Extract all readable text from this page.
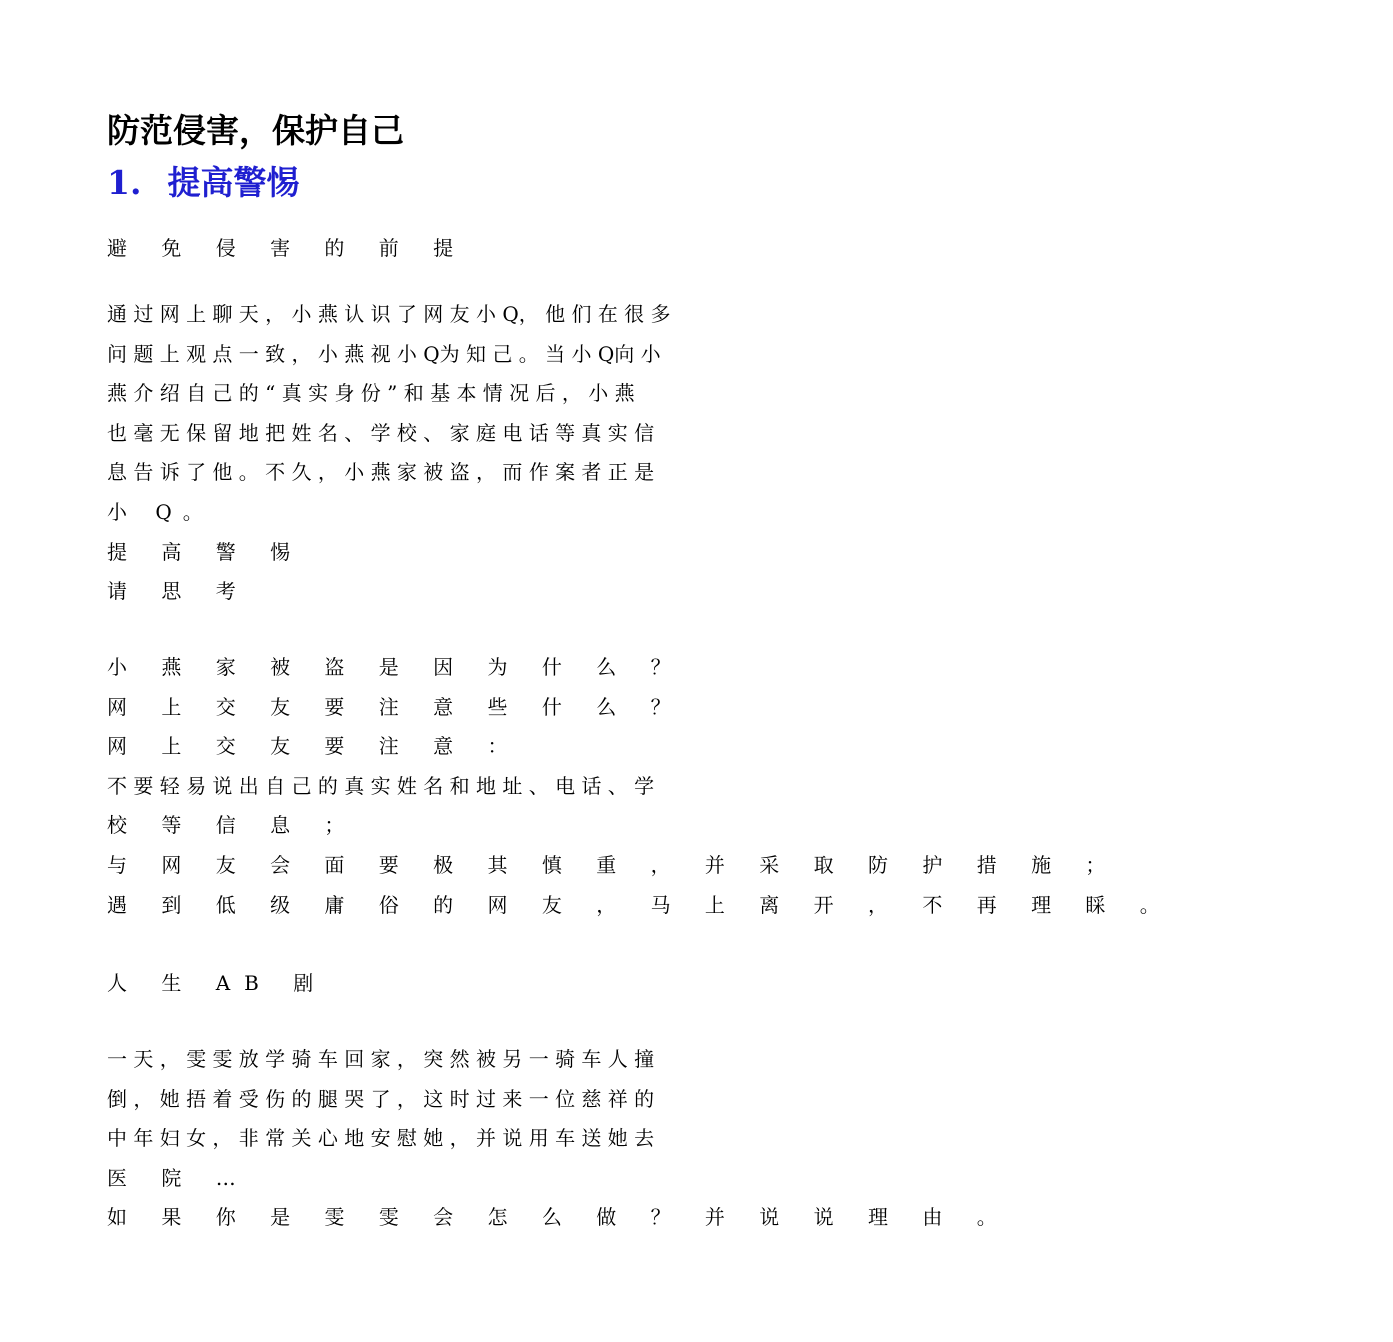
防范侵害，保护自己
1. 提高警惕

避 免 侵 害 的 前 提

通 过 网 上 聊 天 ， 小 燕 认 识 了 网 友 小 Q， 他 们 在 很 多
问 题 上 观 点 一 致 ， 小 燕 视 小 Q为 知 己 。 当 小 Q向 小
燕 介 绍 自 己 的 “ 真 实 身 份 ” 和 基 本 情 况 后 ， 小 燕
也 毫 无 保 留 地 把 姓 名 、 学 校 、 家 庭 电 话 等 真 实 信
息 告 诉 了 他 。 不 久 ， 小 燕 家 被 盗 ， 而 作 案 者 正 是
小 Q。
提 高 警 惕
请 思 考
小 燕 家 被 盗 是 因 为 什 么 ？
网 上 交 友 要 注 意 些 什 么 ？
网 上 交 友 要 注 意 ：
不 要 轻 易 说 出 自 己 的 真 实 姓 名 和 地 址 、 电 话 、 学
校 等 信 息 ；
与 网 友 会 面 要 极 其 慎 重 ， 并 采 取 防 护 措 施 ；
遇 到 低 级 庸 俗 的 网 友 ， 马 上 离 开 ， 不 再 理 睬 。

人 生 AB 剧

一 天 ， 雯 雯 放 学 骑 车 回 家 ， 突 然 被 另 一 骑 车 人 撞
倒 ， 她 捂 着 受 伤 的 腿 哭 了 ， 这 时 过 来 一 位 慈 祥 的
中 年 妇 女 ， 非 常 关 心 地 安 慰 她 ， 并 说 用 车 送 她 去
医 院 …
如 果 你 是 雯 雯 会 怎 么 做 ？ 并 说 说 理 由 。
